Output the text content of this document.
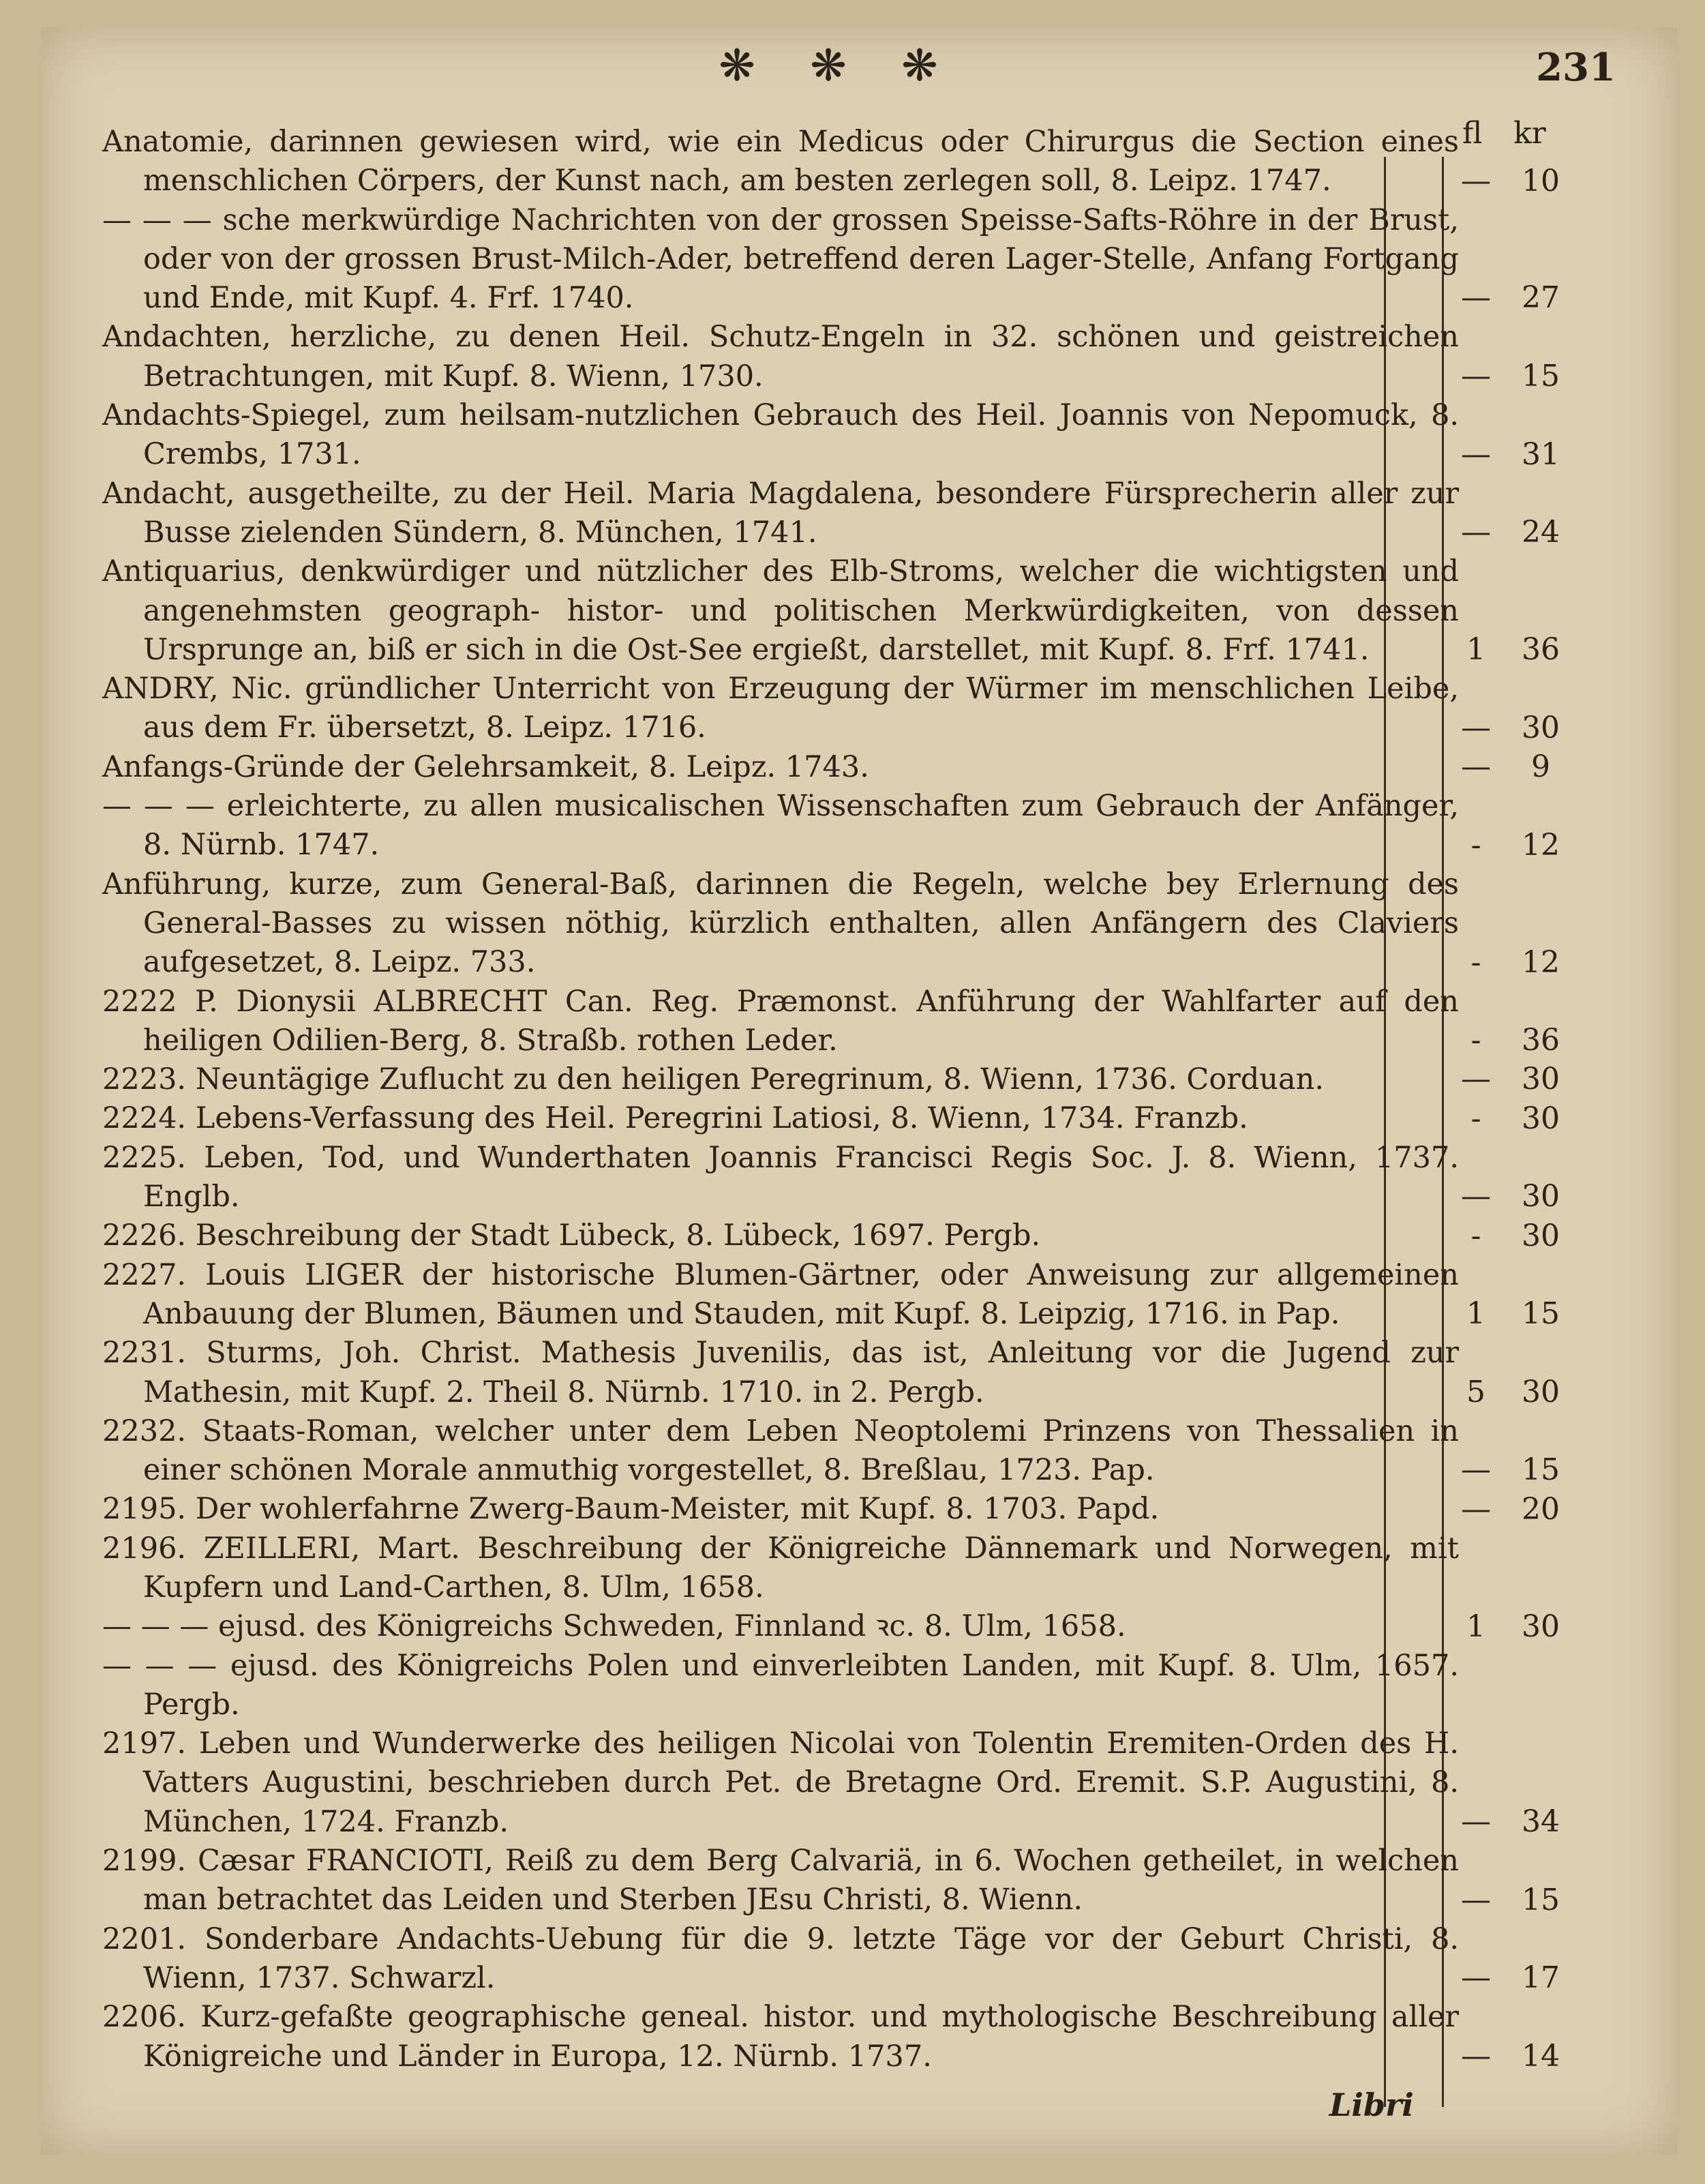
❋ ❋ ❋	231
fl kr
Anatomie, darinnen gewiesen wird, wie ein Medicus oder Chirurgus die Section eines menschlichen Cörpers, der Kunst nach, am besten zerlegen soll, 8. Leipz. 1747.	— 10
— — — sche merkwürdige Nachrichten von der grossen Speisse-Safts-Röhre in der Brust, oder von der grossen Brust-Milch-Ader, betreffend deren Lager-Stelle, Anfang Fortgang und Ende, mit Kupf. 4. Frf. 1740.	— 27
Andachten, herzliche, zu denen Heil. Schutz-Engeln in 32. schönen und geistreichen Betrachtungen, mit Kupf. 8. Wienn, 1730.	— 15
Andachts-Spiegel, zum heilsam-nutzlichen Gebrauch des Heil. Joannis von Nepomuck, 8. Crembs, 1731.	— 31
Andacht, ausgetheilte, zu der Heil. Maria Magdalena, besondere Fürsprecherin aller zur Busse zielenden Sündern, 8. München, 1741.	— 24
Antiquarius, denkwürdiger und nützlicher des Elb-Stroms, welcher die wichtigsten und angenehmsten geograph- histor- und politischen Merkwürdigkeiten, von dessen Ursprunge an, biß er sich in die Ost-See ergießt, darstellet, mit Kupf. 8. Frf. 1741.	1	36
ANDRY, Nic. gründlicher Unterricht von Erzeugung der Würmer im menschlichen Leibe, aus dem Fr. übersetzt, 8. Leipz. 1716.	— 30
Anfangs-Gründe der Gelehrsamkeit, 8. Leipz. 1743.	—	9
— — — erleichterte, zu allen musicalischen Wissenschaften zum Gebrauch der Anfänger, 8. Nürnb. 1747.	-	12
Anführung, kurze, zum General-Baß, darinnen die Regeln, welche bey Erlernung des General-Basses zu wissen nöthig, kürzlich enthalten, allen Anfängern des Claviers aufgesetzet, 8. Leipz. 733.	-	12
2222 P. Dionysii ALBRECHT Can. Reg. Præmonst. Anführung der Wahlfarter auf den heiligen Odilien-Berg, 8. Straßb. rothen Leder.	-	36
2223. Neuntägige Zuflucht zu den heiligen Peregrinum, 8. Wienn, 1736. Corduan.	— 30
2224. Lebens-Verfassung des Heil. Peregrini Latiosi, 8. Wienn, 1734. Franzb.	-	30
2225. Leben, Tod, und Wunderthaten Joannis Francisci Regis Soc. J. 8. Wienn, 1737. Englb.	— 30
2226. Beschreibung der Stadt Lübeck, 8. Lübeck, 1697. Pergb.	-	30
2227. Louis LIGER der historische Blumen-Gärtner, oder Anweisung zur allgemeinen Anbauung der Blumen, Bäumen und Stauden, mit Kupf. 8. Leipzig, 1716. in Pap.	1	15
2231. Sturms, Joh. Christ. Mathesis Juvenilis, das ist, Anleitung vor die Jugend zur Mathesin, mit Kupf. 2. Theil 8. Nürnb. 1710. in 2. Pergb.	5	30
2232. Staats-Roman, welcher unter dem Leben Neoptolemi Prinzens von Thessalien in einer schönen Morale anmuthig vorgestellet, 8. Breßlau, 1723. Pap.	— 15
2195. Der wohlerfahrne Zwerg-Baum-Meister, mit Kupf. 8. 1703. Papd.	— 20
2196. ZEILLERI, Mart. Beschreibung der Königreiche Dännemark und Norwegen, mit Kupfern und Land-Carthen, 8. Ulm, 1658.
— — — ejusd. des Königreichs Schweden, Finnland ꝛc. 8. Ulm, 1658.	1	30
— — — ejusd. des Königreichs Polen und einverleibten Landen, mit Kupf. 8. Ulm, 1657. Pergb.
2197. Leben und Wunderwerke des heiligen Nicolai von Tolentin Eremiten-Orden des H. Vatters Augustini, beschrieben durch Pet. de Bretagne Ord. Eremit. S.P. Augustini, 8. München, 1724. Franzb.	— 34
2199. Cæsar FRANCIOTI, Reiß zu dem Berg Calvariä, in 6. Wochen getheilet, in welchen man betrachtet das Leiden und Sterben JEsu Christi, 8. Wienn.	— 15
2201. Sonderbare Andachts-Uebung für die 9. letzte Täge vor der Geburt Christi, 8. Wienn, 1737. Schwarzl.	— 17
2206. Kurz-gefaßte geographische geneal. histor. und mythologische Beschreibung aller Königreiche und Länder in Europa, 12. Nürnb. 1737.	— 14
Libri
